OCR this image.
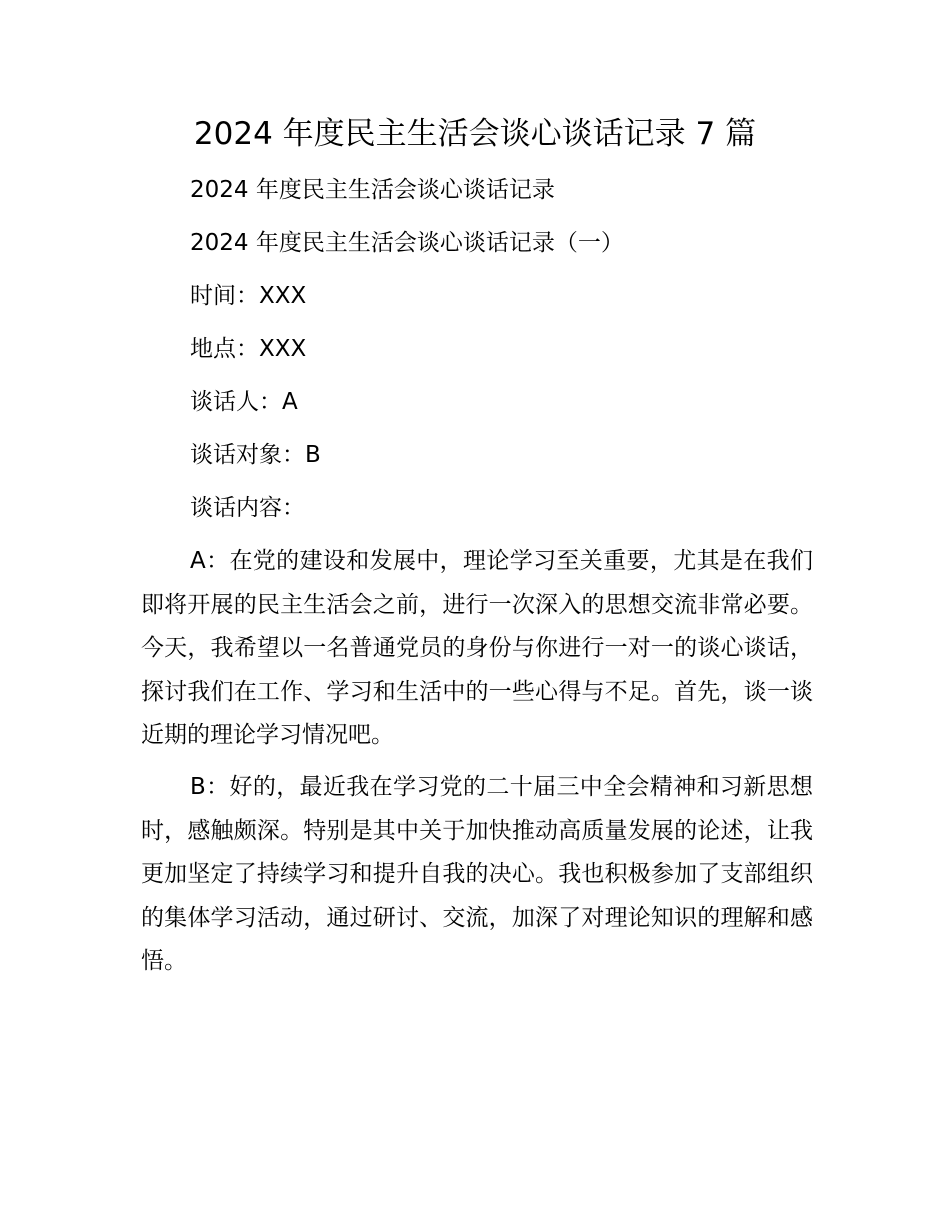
2024 年度民主生活会谈心谈话记录 7 篇
2024 年度民主生活会谈心谈话记录
2024 年度民主生活会谈心谈话记录（一）
时间：XXX
地点：XXX
谈话人：A
谈话对象：B
谈话内容：

A：在党的建设和发展中，理论学习至关重要，尤其是在我们即将开展的民主生活会之前，进行一次深入的思想交流非常必要。今天，我希望以一名普通党员的身份与你进行一对一的谈心谈话，探讨我们在工作、学习和生活中的一些心得与不足。首先，谈一谈近期的理论学习情况吧。

B：好的，最近我在学习党的二十届三中全会精神和习新思想时，感触颇深。特别是其中关于加快推动高质量发展的论述，让我更加坚定了持续学习和提升自我的决心。我也积极参加了支部组织的集体学习活动，通过研讨、交流，加深了对理论知识的理解和感悟。
